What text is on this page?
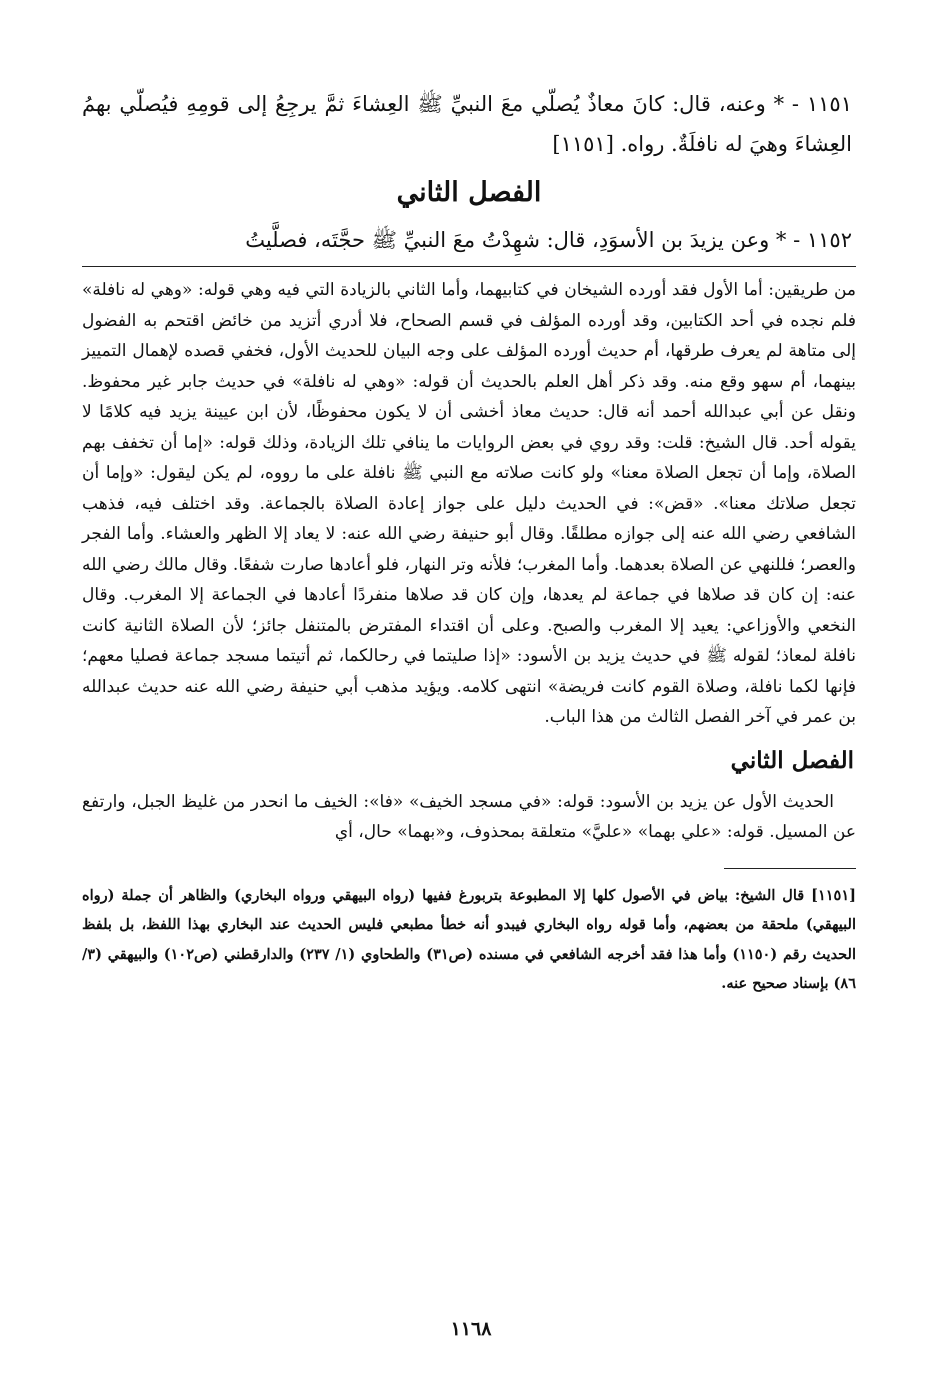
١١٥١ - * وعنه، قال: كانَ معاذٌ يُصلّي معَ النبيِّ ﷺ العِشاءَ ثمَّ يرجِعُ إلى قومِهِ فيُصلّي بهمُ العِشاءَ وهيَ له نافلَةٌ. رواه. [١١٥١]
الفصل الثاني
١١٥٢ - * وعن يزيدَ بن الأسوَدِ، قال: شهِدْتُ معَ النبيِّ ﷺ حجَّتَه، فصلَّيتُ

من طريقين: أما الأول فقد أورده الشيخان في كتابيهما، وأما الثاني بالزيادة التي فيه وهي قوله: «وهي له نافلة» فلم نجده في أحد الكتابين، وقد أورده المؤلف في قسم الصحاح، فلا أدري أتزيد من خائض اقتحم به الفضول إلى متاهة لم يعرف طرقها، أم حديث أورده المؤلف على وجه البيان للحديث الأول، فخفي قصده لإهمال التمييز بينهما، أم سهو وقع منه. وقد ذكر أهل العلم بالحديث أن قوله: «وهي له نافلة» في حديث جابر غير محفوظ. ونقل عن أبي عبدالله أحمد أنه قال: حديث معاذ أخشى أن لا يكون محفوظًا، لأن ابن عيينة يزيد فيه كلامًا لا يقوله أحد. قال الشيخ: قلت: وقد روي في بعض الروايات ما ينافي تلك الزيادة، وذلك قوله: «إما أن تخفف بهم الصلاة، وإما أن تجعل الصلاة معنا» ولو كانت صلاته مع النبي ﷺ نافلة على ما رووه، لم يكن ليقول: «وإما أن تجعل صلاتك معنا». «قض»: في الحديث دليل على جواز إعادة الصلاة بالجماعة. وقد اختلف فيه، فذهب الشافعي رضي الله عنه إلى جوازه مطلقًا. وقال أبو حنيفة رضي الله عنه: لا يعاد إلا الظهر والعشاء. وأما الفجر والعصر؛ فللنهي عن الصلاة بعدهما. وأما المغرب؛ فلأنه وتر النهار، فلو أعادها صارت شفعًا. وقال مالك رضي الله عنه: إن كان قد صلاها في جماعة لم يعدها، وإن كان قد صلاها منفردًا أعادها في الجماعة إلا المغرب. وقال النخعي والأوزاعي: يعيد إلا المغرب والصبح. وعلى أن اقتداء المفترض بالمتنفل جائز؛ لأن الصلاة الثانية كانت نافلة لمعاذ؛ لقوله ﷺ في حديث يزيد بن الأسود: «إذا صليتما في رحالكما، ثم أتيتما مسجد جماعة فصليا معهم؛ فإنها لكما نافلة، وصلاة القوم كانت فريضة» انتهى كلامه. ويؤيد مذهب أبي حنيفة رضي الله عنه حديث عبدالله بن عمر في آخر الفصل الثالث من هذا الباب.

الفصل الثاني

الحديث الأول عن يزيد بن الأسود: قوله: «في مسجد الخيف» «فا»: الخيف ما انحدر من غليظ الجبل، وارتفع عن المسيل. قوله: «علي بهما» «عليَّ» متعلقة بمحذوف، و«بهما» حال، أي

[١١٥١] قال الشيخ: بياض في الأصول كلها إلا المطبوعة بتربورغ ففيها (رواه البيهقي ورواه البخاري) والظاهر أن جملة (رواه البيهقي) ملحقة من بعضهم، وأما قوله رواه البخاري فيبدو أنه خطأ مطبعي فليس الحديث عند البخاري بهذا اللفظ، بل بلفظ الحديث رقم (١١٥٠) وأما هذا فقد أخرجه الشافعي في مسنده (ص٣١) والطحاوي (١/ ٢٣٧) والدارقطني (ص١٠٢) والبيهقي (٣/ ٨٦) بإسناد صحيح عنه.

١١٦٨
